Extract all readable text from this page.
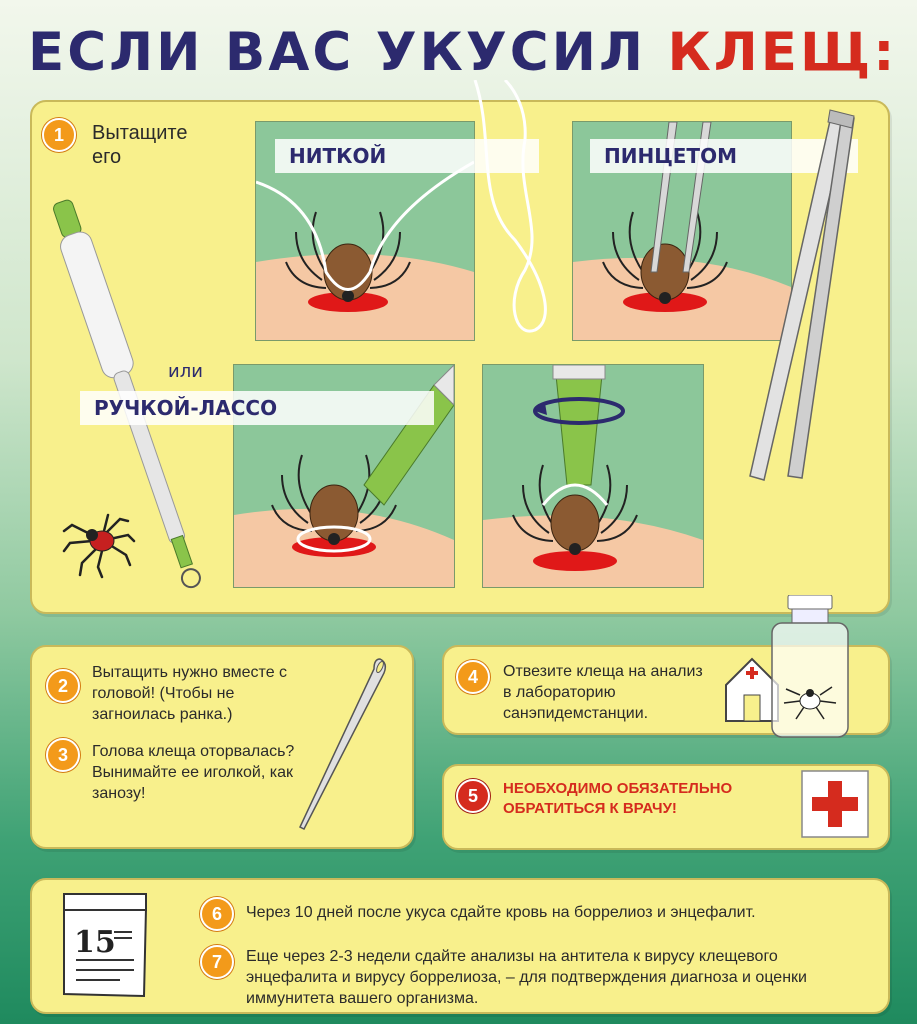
ЕСЛИ ВАС УКУСИЛ КЛЕЩ:
1	Вытащите его	НИТКОЙ	ПИНЦЕТОМ
или
РУЧКОЙ-ЛАССО
2
Вытащить нужно вместе с головой! (Чтобы не загноилась ранка.)
3	Голова клеща оторвалась? Вынимайте ее иголкой, как занозу!
4	Отвезите клеща на анализ в лабораторию санэпидемстанции.
5	НЕОБХОДИМО ОБЯЗАТЕЛЬНО ОБРАТИТЬСЯ К ВРАЧУ!
15
6	Через 10 дней после укуса сдайте кровь на боррелиоз и энцефалит.
7	Еще через 2-3 недели сдайте анализы на антитела к вирусу клещевого энцефалита и вирусу боррелиоза, – для подтверждения диагноза и оценки иммунитета вашего организма.
